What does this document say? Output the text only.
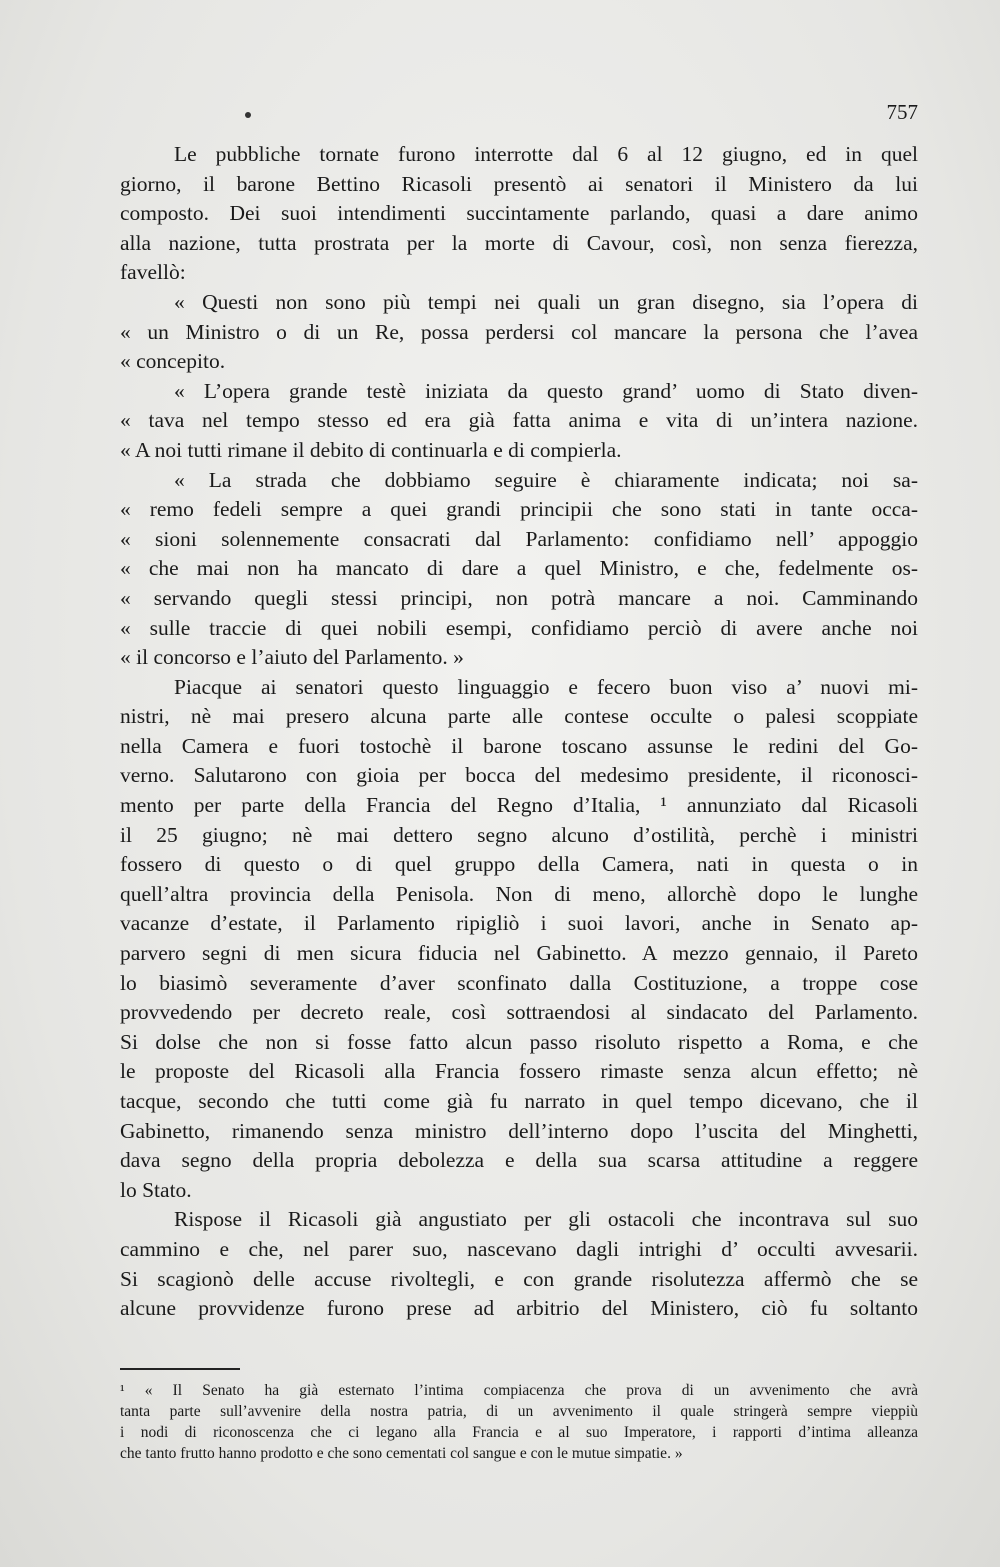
757
Le pubbliche tornate furono interrotte dal 6 al 12 giugno, ed in quel
giorno, il barone Bettino Ricasoli presentò ai senatori il Ministero da lui
composto. Dei suoi intendimenti succintamente parlando, quasi a dare animo
alla nazione, tutta prostrata per la morte di Cavour, così, non senza fierezza,
favellò:
« Questi non sono più tempi nei quali un gran disegno, sia l’opera di
« un Ministro o di un Re, possa perdersi col mancare la persona che l’avea
« concepito.
« L’opera grande testè iniziata da questo grand’ uomo di Stato diven-
« tava nel tempo stesso ed era già fatta anima e vita di un’intera nazione.
« A noi tutti rimane il debito di continuarla e di compierla.
« La strada che dobbiamo seguire è chiaramente indicata; noi sa-
« remo fedeli sempre a quei grandi principii che sono stati in tante occa-
« sioni solennemente consacrati dal Parlamento: confidiamo nell’ appoggio
« che mai non ha mancato di dare a quel Ministro, e che, fedelmente os-
« servando quegli stessi principi, non potrà mancare a noi. Camminando
« sulle traccie di quei nobili esempi, confidiamo perciò di avere anche noi
« il concorso e l’aiuto del Parlamento. »
Piacque ai senatori questo linguaggio e fecero buon viso a’ nuovi mi-
nistri, nè mai presero alcuna parte alle contese occulte o palesi scoppiate
nella Camera e fuori tostochè il barone toscano assunse le redini del Go-
verno. Salutarono con gioia per bocca del medesimo presidente, il riconosci-
mento per parte della Francia del Regno d’Italia, ¹ annunziato dal Ricasoli
il 25 giugno; nè mai dettero segno alcuno d’ostilità, perchè i ministri
fossero di questo o di quel gruppo della Camera, nati in questa o in
quell’altra provincia della Penisola. Non di meno, allorchè dopo le lunghe
vacanze d’estate, il Parlamento ripigliò i suoi lavori, anche in Senato ap-
parvero segni di men sicura fiducia nel Gabinetto. A mezzo gennaio, il Pareto
lo biasimò severamente d’aver sconfinato dalla Costituzione, a troppe cose
provvedendo per decreto reale, così sottraendosi al sindacato del Parlamento.
Si dolse che non si fosse fatto alcun passo risoluto rispetto a Roma, e che
le proposte del Ricasoli alla Francia fossero rimaste senza alcun effetto; nè
tacque, secondo che tutti come già fu narrato in quel tempo dicevano, che il
Gabinetto, rimanendo senza ministro dell’interno dopo l’uscita del Minghetti,
dava segno della propria debolezza e della sua scarsa attitudine a reggere
lo Stato.
Rispose il Ricasoli già angustiato per gli ostacoli che incontrava sul suo
cammino e che, nel parer suo, nascevano dagli intrighi d’ occulti avvesarii.
Si scagionò delle accuse rivoltegli, e con grande risolutezza affermò che se
alcune provvidenze furono prese ad arbitrio del Ministero, ciò fu soltanto
¹ « Il Senato ha già esternato l’intima compiacenza che prova di un avvenimento che avrà
tanta parte sull’avvenire della nostra patria, di un avvenimento il quale stringerà sempre vieppiù
i nodi di riconoscenza che ci legano alla Francia e al suo Imperatore, i rapporti d’intima alleanza
che tanto frutto hanno prodotto e che sono cementati col sangue e con le mutue simpatie. »
